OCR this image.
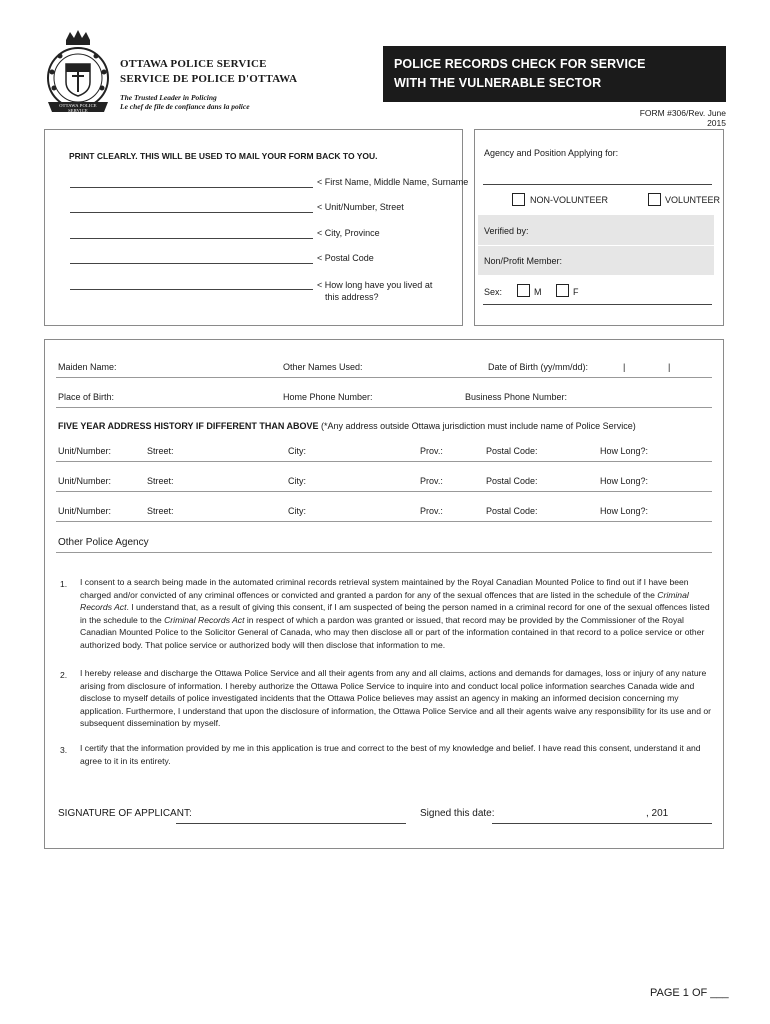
OTTAWA POLICE SERVICE
OTTAWA POLICE SERVICE
SERVICE DE POLICE D'OTTAWA
The Trusted Leader in Policing
Le chef de file de confiance dans la police
POLICE RECORDS CHECK FOR SERVICE
WITH THE VULNERABLE SECTOR
FORM #306/Rev. June 2015
PRINT CLEARLY. THIS WILL BE USED TO MAIL YOUR FORM BACK TO YOU.
< First Name, Middle Name, Surname
< Unit/Number, Street
< City, Province
< Postal Code
< How long have you lived at
this address?
Agency and Position Applying for:
NON-VOLUNTEER	VOLUNTEER
Verified by:
Non/Profit Member:
Sex:	M	F
Maiden Name:	Other Names Used:	Date of Birth (yy/mm/dd):	|	|
Place of Birth:	Home Phone Number:	Business Phone Number:
FIVE YEAR ADDRESS HISTORY IF DIFFERENT THAN ABOVE (*Any address outside Ottawa jurisdiction must include name of Police Service)
Unit/Number:	Street:	City:	Prov.:	Postal Code:	How Long?:
Unit/Number:	Street:	City:	Prov.:	Postal Code:	How Long?:
Unit/Number:	Street:	City:	Prov.:	Postal Code:	How Long?:
Other Police Agency
1. I consent to a search being made in the automated criminal records retrieval system maintained by the Royal Canadian Mounted Police to find out if I have been charged and/or convicted of any criminal offences or convicted and granted a pardon for any of the sexual offences that are listed in the schedule of the Criminal Records Act. I understand that, as a result of giving this consent, if I am suspected of being the person named in a criminal record for one of the sexual offences listed in the schedule to the Criminal Records Act in respect of which a pardon was granted or issued, that record may be provided by the Commissioner of the Royal Canadian Mounted Police to the Solicitor General of Canada, who may then disclose all or part of the information contained in that record to a police service or other authorized body. That police service or authorized body will then disclose that information to me.
2. I hereby release and discharge the Ottawa Police Service and all their agents from any and all claims, actions and demands for damages, loss or injury of any nature arising from disclosure of information. I hereby authorize the Ottawa Police Service to inquire into and conduct local police information searches Canada wide and disclose to myself details of police investigated incidents that the Ottawa Police believes may assist an agency in making an informed decision concerning my application. Furthermore, I understand that upon the disclosure of information, the Ottawa Police Service and all their agents waive any responsibility for its use and or subsequent dissemination by myself.
3. I certify that the information provided by me in this application is true and correct to the best of my knowledge and belief. I have read this consent, understand it and agree to it in its entirety.
SIGNATURE OF APPLICANT:	Signed this date:	, 201
PAGE 1 OF ___
